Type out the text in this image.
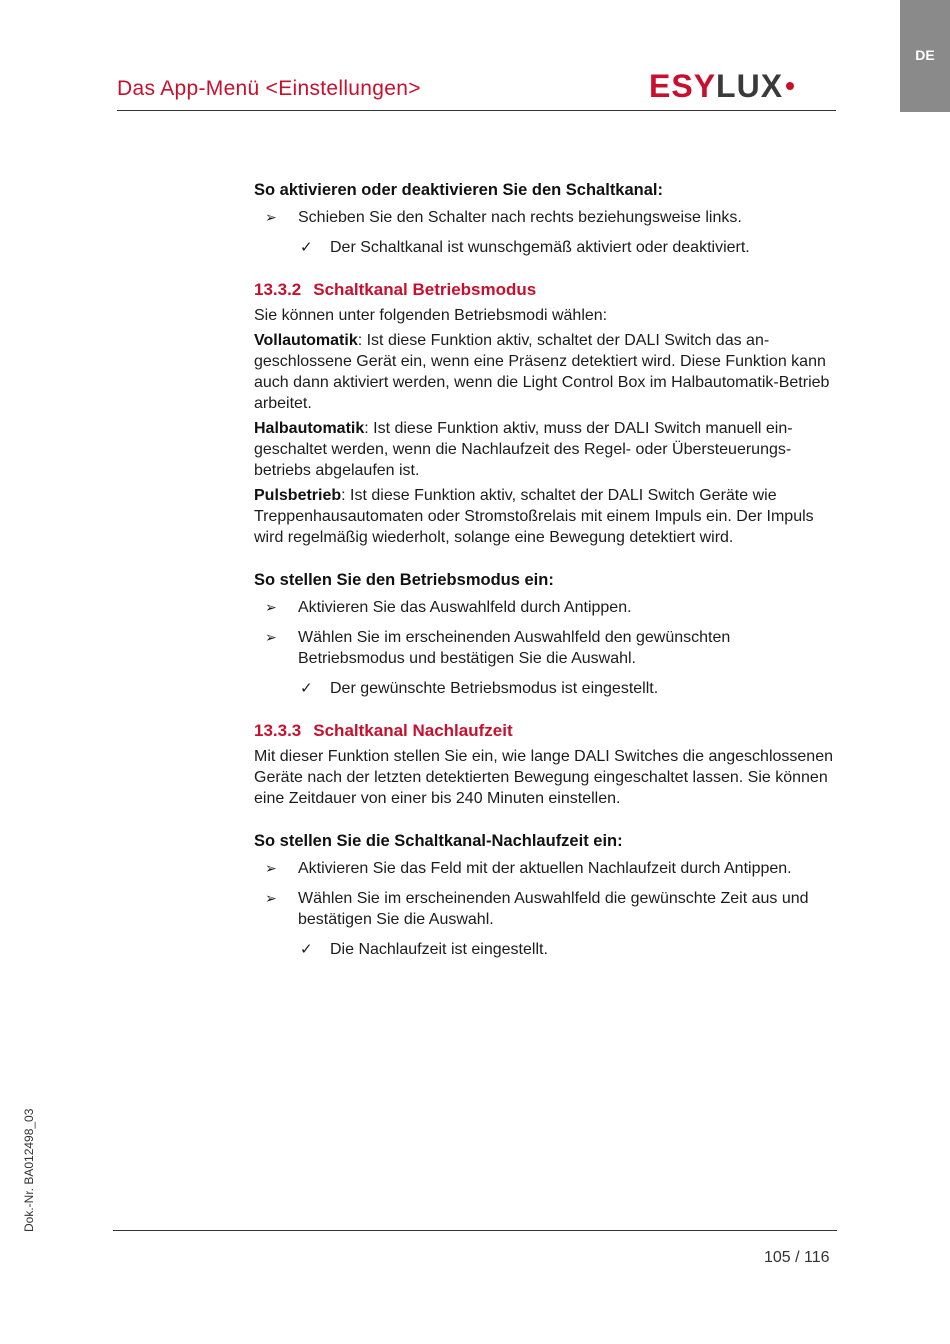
DE
Das App-Menü <Einstellungen>	ESYLUX
So aktivieren oder deaktivieren Sie den Schaltkanal:
➢ Schieben Sie den Schalter nach rechts beziehungsweise links.
✓ Der Schaltkanal ist wunschgemäß aktiviert oder deaktiviert.
13.3.2 Schaltkanal Betriebsmodus

Sie können unter folgenden Betriebsmodi wählen:

Vollautomatik: Ist diese Funktion aktiv, schaltet der DALI Switch das angeschlossene Gerät ein, wenn eine Präsenz detektiert wird. Diese Funktion kann auch dann aktiviert werden, wenn die Light Control Box im Halbautomatik-Betrieb arbeitet.

Halbautomatik: Ist diese Funktion aktiv, muss der DALI Switch manuell eingeschaltet werden, wenn die Nachlaufzeit des Regel- oder Übersteuerungsbetriebs abgelaufen ist.

Pulsbetrieb: Ist diese Funktion aktiv, schaltet der DALI Switch Geräte wie Treppenhausautomaten oder Stromstoßrelais mit einem Impuls ein. Der Impuls wird regelmäßig wiederholt, solange eine Bewegung detektiert wird.

So stellen Sie den Betriebsmodus ein:
➢ Aktivieren Sie das Auswahlfeld durch Antippen.
➢ Wählen Sie im erscheinenden Auswahlfeld den gewünschten Betriebsmodus und bestätigen Sie die Auswahl.
✓ Der gewünschte Betriebsmodus ist eingestellt.
13.3.3 Schaltkanal Nachlaufzeit

Mit dieser Funktion stellen Sie ein, wie lange DALI Switches die angeschlossenen Geräte nach der letzten detektierten Bewegung eingeschaltet lassen. Sie können eine Zeitdauer von einer bis 240 Minuten einstellen.

So stellen Sie die Schaltkanal-Nachlaufzeit ein:
➢ Aktivieren Sie das Feld mit der aktuellen Nachlaufzeit durch Antippen.
➢ Wählen Sie im erscheinenden Auswahlfeld die gewünschte Zeit aus und bestätigen Sie die Auswahl.
✓ Die Nachlaufzeit ist eingestellt.
Dok.-Nr. BA012498_03
105 / 116
